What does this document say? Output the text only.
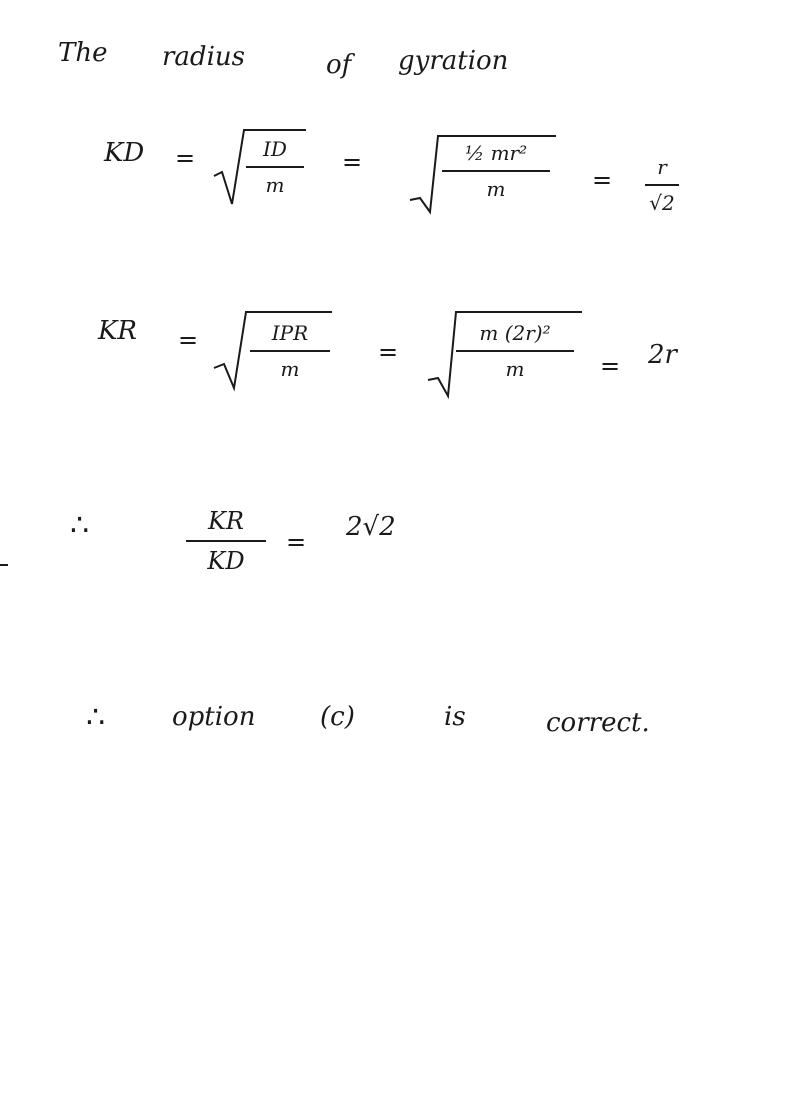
The radius	of gyration
KD =	ID
m
=	½ mr²
m	= r
√2
KR =	IPR
m
=
m (2r)²
m	= 2r
∴	KR
KD
= 2√2
∴	option (c)	is	correct.
